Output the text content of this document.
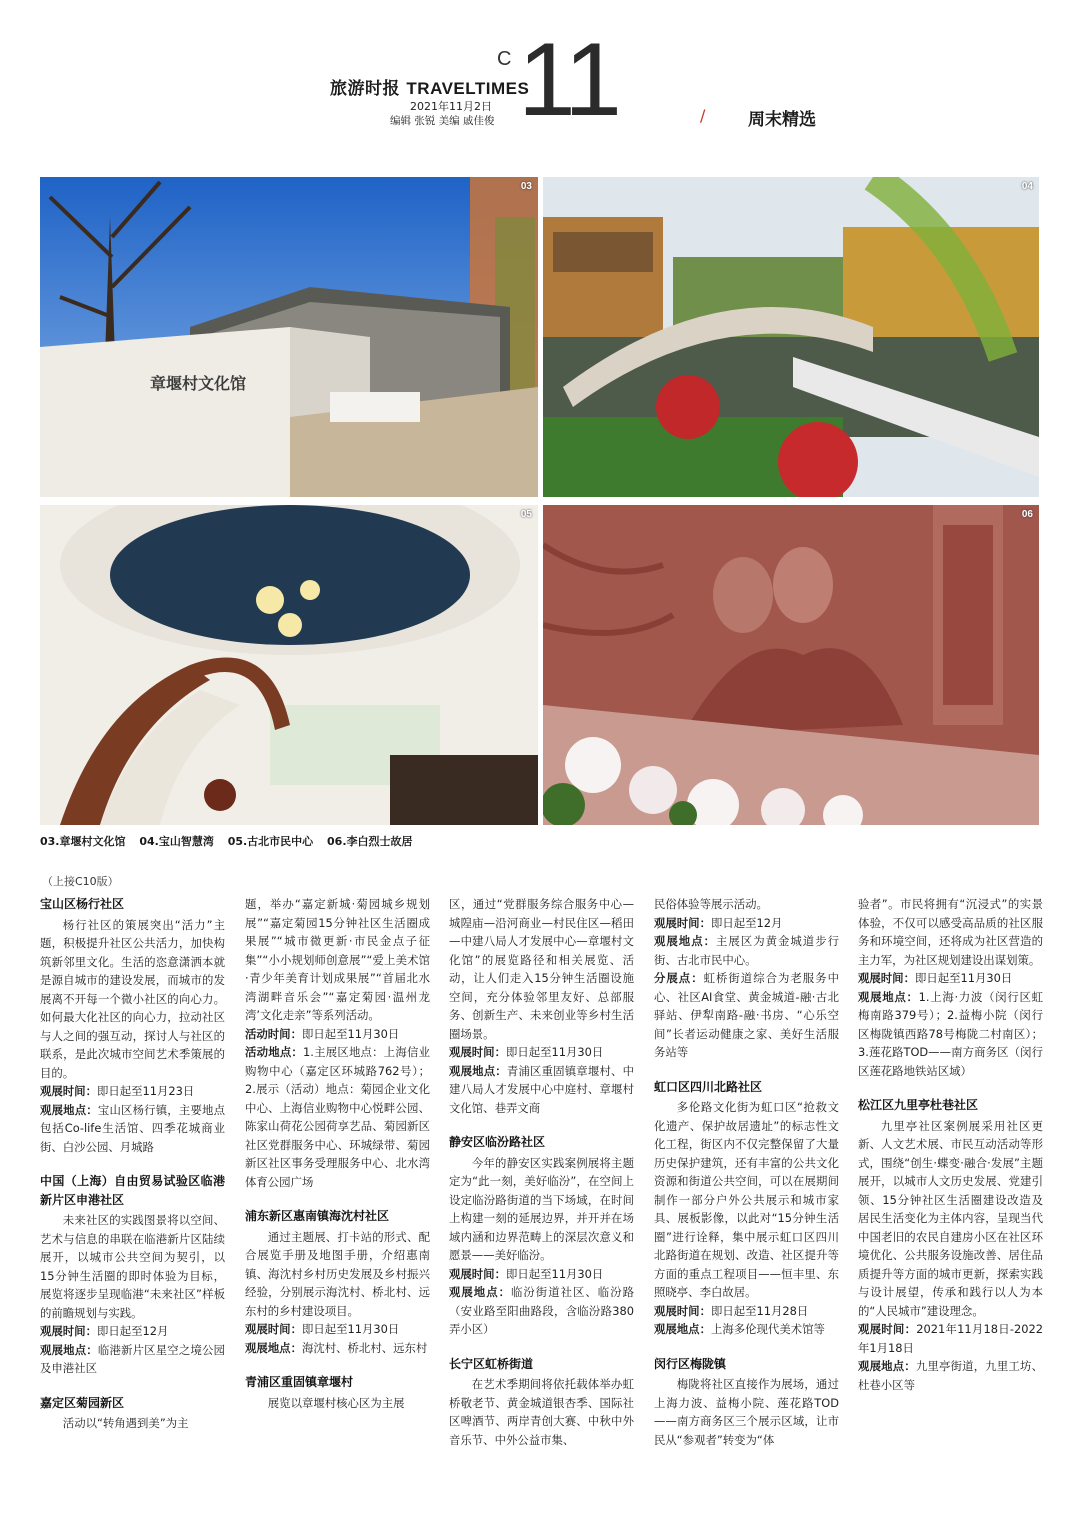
旅游时报 TRAVELTIMES
2021年11月2日
编辑 张锐 美编 戚佳俊
C 11	/	周末精选
章堰村文化馆
03	04
05	06
03.章堰村文化馆 04.宝山智慧湾 05.古北市民中心 06.李白烈士故居
（上接C10版）
宝山区杨行社区

杨行社区的策展突出“活力”主题，积极提升社区公共活力，加快构筑新邻里文化。生活的恣意潇洒本就是源自城市的建设发展，而城市的发展离不开每一个微小社区的向心力。如何最大化社区的向心力，拉动社区与人之间的强互动，探讨人与社区的联系，是此次城市空间艺术季策展的目的。

观展时间：即日起至11月23日

观展地点：宝山区杨行镇，主要地点包括Co-life生活馆、四季花城商业街、白沙公园、月城路

中国（上海）自由贸易试验区临港新片区申港社区

未来社区的实践图景将以空间、艺术与信息的串联在临港新片区陆续展开，以城市公共空间为契引，以15分钟生活圈的即时体验为目标，展览将逐步呈现临港“未来社区”样板的前瞻规划与实践。

观展时间：即日起至12月

观展地点：临港新片区星空之境公园及申港社区

嘉定区菊园新区

活动以“转角遇到美”为主

题，举办“嘉定新城·菊园城乡规划展”“嘉定菊园15分钟社区生活圈成果展”“城市微更新·市民金点子征集”“小小规划师创意展”“爱上美术馆·青少年美育计划成果展”“首届北水湾湖畔音乐会”“嘉定菊园·温州龙湾’文化走亲”等系列活动。

活动时间：即日起至11月30日

活动地点：1.主展区地点：上海信业购物中心（嘉定区环城路762号）；2.展示（活动）地点：菊园企业文化中心、上海信业购物中心悦畔公园、陈家山荷花公园荷享艺品、菊园新区社区党群服务中心、环城绿带、菊园新区社区事务受理服务中心、北水湾体育公园广场

浦东新区惠南镇海沈村社区

通过主题展、打卡站的形式、配合展览手册及地图手册，介绍惠南镇、海沈村乡村历史发展及乡村振兴经验，分别展示海沈村、桥北村、远东村的乡村建设项目。

观展时间：即日起至11月30日

观展地点：海沈村、桥北村、远东村

青浦区重固镇章堰村

展览以章堰村核心区为主展

区，通过“党群服务综合服务中心—城隍庙—沿河商业—村民住区—稻田—中建八局人才发展中心—章堰村文化馆”的展览路径和相关展览、活动，让人们走入15分钟生活圈设施空间，充分体验邻里友好、总部服务、创新生产、未来创业等乡村生活圈场景。

观展时间：即日起至11月30日

观展地点：青浦区重固镇章堰村、中建八局人才发展中心中庭村、章堰村文化馆、巷弄文商

静安区临汾路社区

今年的静安区实践案例展将主题定为“此一刻，美好临汾”，在空间上设定临汾路街道的当下场域，在时间上构建一刻的延展边界，并开并在场域内涵和边界范畴上的深层次意义和愿景——美好临汾。

观展时间：即日起至11月30日

观展地点：临汾街道社区、临汾路（安业路至阳曲路段，含临汾路380弄小区）

长宁区虹桥街道

在艺术季期间将依托载体举办虹桥敬老节、黄金城道银杏季、国际社区啤酒节、两岸青创大赛、中秋中外音乐节、中外公益市集、

民俗体验等展示活动。

观展时间：即日起至12月

观展地点：主展区为黄金城道步行街、古北市民中心。

分展点：虹桥街道综合为老服务中心、社区AI食堂、黄金城道-融·古北驿站、伊犁南路-融·书房、“心乐空间”长者运动健康之家、美好生活服务站等

虹口区四川北路社区

多伦路文化街为虹口区“抢救文化遗产、保护故居遗址”的标志性文化工程，街区内不仅完整保留了大量历史保护建筑，还有丰富的公共文化资源和街道公共空间，可以在展期间制作一部分户外公共展示和城市家具、展板影像，以此对“15分钟生活圈”进行诠释，集中展示虹口区四川北路街道在规划、改造、社区提升等方面的重点工程项目——恒丰里、东照晓亭、李白故居。

观展时间：即日起至11月28日

观展地点：上海多伦现代美术馆等

闵行区梅陇镇

梅陇将社区直接作为展场，通过上海力波、益梅小院、莲花路TOD——南方商务区三个展示区域，让市民从“参观者”转变为“体

验者”。市民将拥有“沉浸式”的实景体验，不仅可以感受高品质的社区服务和环境空间，还将成为社区营造的主力军，为社区规划建设出谋划策。

观展时间：即日起至11月30日

观展地点：1.上海·力波（闵行区虹梅南路379号）；2.益梅小院（闵行区梅陇镇西路78号梅陇二村南区）；3.莲花路TOD——南方商务区（闵行区莲花路地铁站区域）

松江区九里亭杜巷社区

九里亭社区案例展采用社区更新、人文艺术展、市民互动活动等形式，围绕“创生·蝶变·融合·发展”主题展开，以城市人文历史发展、党建引领、15分钟社区生活圈建设改造及居民生活变化为主体内容，呈现当代中国老旧的农民自建房小区在社区环境优化、公共服务设施改善、居住品质提升等方面的城市更新，探索实践与设计展望，传承和践行以人为本的“人民城市”建设理念。

观展时间：2021年11月18日-2022年1月18日

观展地点：九里亭街道，九里工坊、杜巷小区等
